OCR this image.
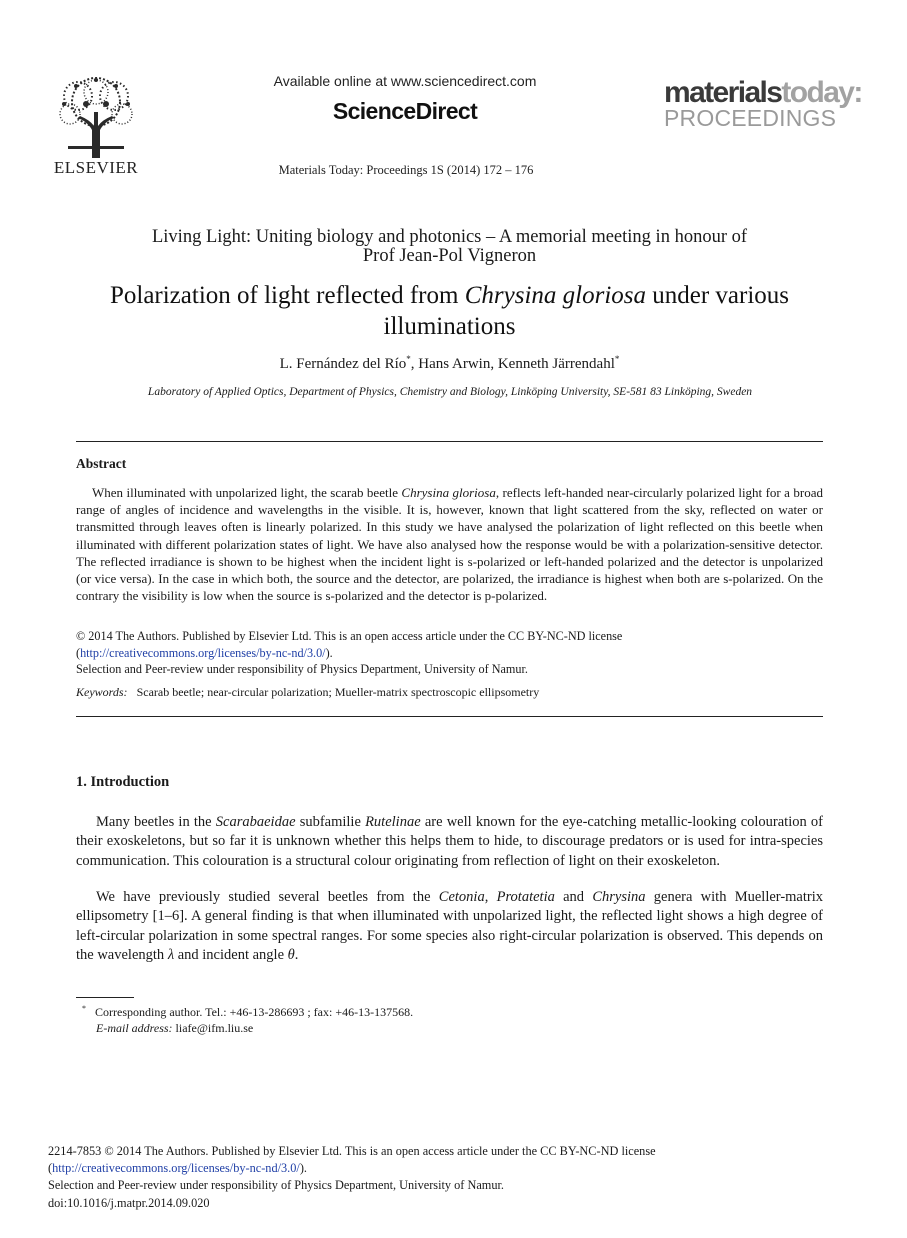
ELSEVIER
Available online at www.sciencedirect.com
ScienceDirect
Materials Today: Proceedings 1S (2014) 172 – 176
materialstoday:
PROCEEDINGS
Living Light: Uniting biology and photonics – A memorial meeting in honour of
Prof Jean-Pol Vigneron
Polarization of light reflected from Chrysina gloriosa under various illuminations
L. Fernández del Río*, Hans Arwin, Kenneth Järrendahl*
Laboratory of Applied Optics, Department of Physics, Chemistry and Biology, Linköping University, SE-581 83 Linköping, Sweden
Abstract
When illuminated with unpolarized light, the scarab beetle Chrysina gloriosa, reflects left-handed near-circularly polarized light for a broad range of angles of incidence and wavelengths in the visible. It is, however, known that light scattered from the sky, reflected on water or transmitted through leaves often is linearly polarized. In this study we have analysed the polarization of light reflected on this beetle when illuminated with different polarization states of light. We have also analysed how the response would be with a polarization-sensitive detector. The reflected irradiance is shown to be highest when the incident light is s-polarized or left-handed polarized and the detector is unpolarized (or vice versa). In the case in which both, the source and the detector, are polarized, the irradiance is highest when both are s-polarized. On the contrary the visibility is low when the source is s-polarized and the detector is p-polarized.
© 2014 The Authors. Published by Elsevier Ltd. This is an open access article under the CC BY-NC-ND license
(http://creativecommons.org/licenses/by-nc-nd/3.0/).
Selection and Peer-review under responsibility of Physics Department, University of Namur.
Keywords: Scarab beetle; near-circular polarization; Mueller-matrix spectroscopic ellipsometry
1. Introduction
Many beetles in the Scarabaeidae subfamilie Rutelinae are well known for the eye-catching metallic-looking colouration of their exoskeletons, but so far it is unknown whether this helps them to hide, to discourage predators or is used for intra-species communication. This colouration is a structural colour originating from reflection of light on their exoskeleton.
We have previously studied several beetles from the Cetonia, Protatetia and Chrysina genera with Mueller-matrix ellipsometry [1–6]. A general finding is that when illuminated with unpolarized light, the reflected light shows a high degree of left-circular polarization in some spectral ranges. For some species also right-circular polarization is observed. This depends on the wavelength λ and incident angle θ.
* Corresponding author. Tel.: +46-13-286693 ; fax: +46-13-137568.
E-mail address: liafe@ifm.liu.se
2214-7853 © 2014 The Authors. Published by Elsevier Ltd. This is an open access article under the CC BY-NC-ND license
(http://creativecommons.org/licenses/by-nc-nd/3.0/).
Selection and Peer-review under responsibility of Physics Department, University of Namur.
doi:10.1016/j.matpr.2014.09.020
